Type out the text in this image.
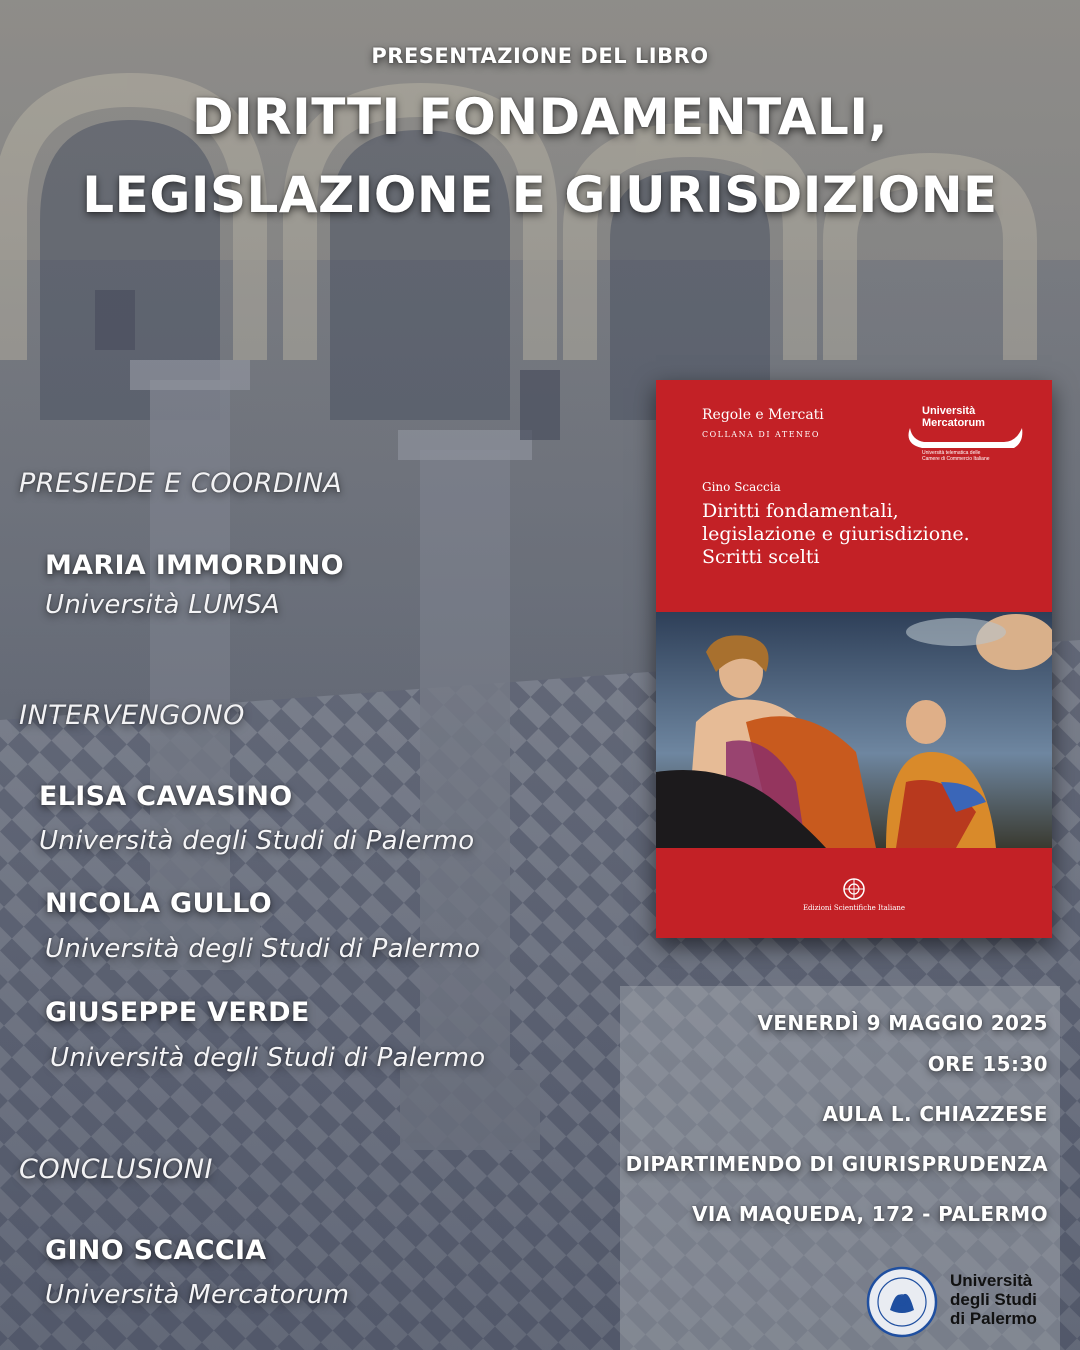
PRESENTAZIONE DEL LIBRO
DIRITTI FONDAMENTALI,
LEGISLAZIONE E GIURISDIZIONE
PRESIEDE E COORDINA
MARIA IMMORDINO
Università LUMSA
INTERVENGONO
ELISA CAVASINO
Università degli Studi di Palermo
NICOLA GULLO
Università degli Studi di Palermo
GIUSEPPE VERDE
Università degli Studi di Palermo
CONCLUSIONI
GINO SCACCIA
Università Mercatorum
Regole e Mercati
COLLANA DI ATENEO
Università
Mercatorum
Università telematica delle
Camere di Commercio Italiane
Gino Scaccia
Diritti fondamentali,
legislazione e giurisdizione.
Scritti scelti
Edizioni Scientifiche Italiane
VENERDÌ 9 MAGGIO 2025
ORE 15:30
AULA L. CHIAZZESE
DIPARTIMENDO DI GIURISPRUDENZA
VIA MAQUEDA, 172 - PALERMO
Università
degli Studi
di Palermo
